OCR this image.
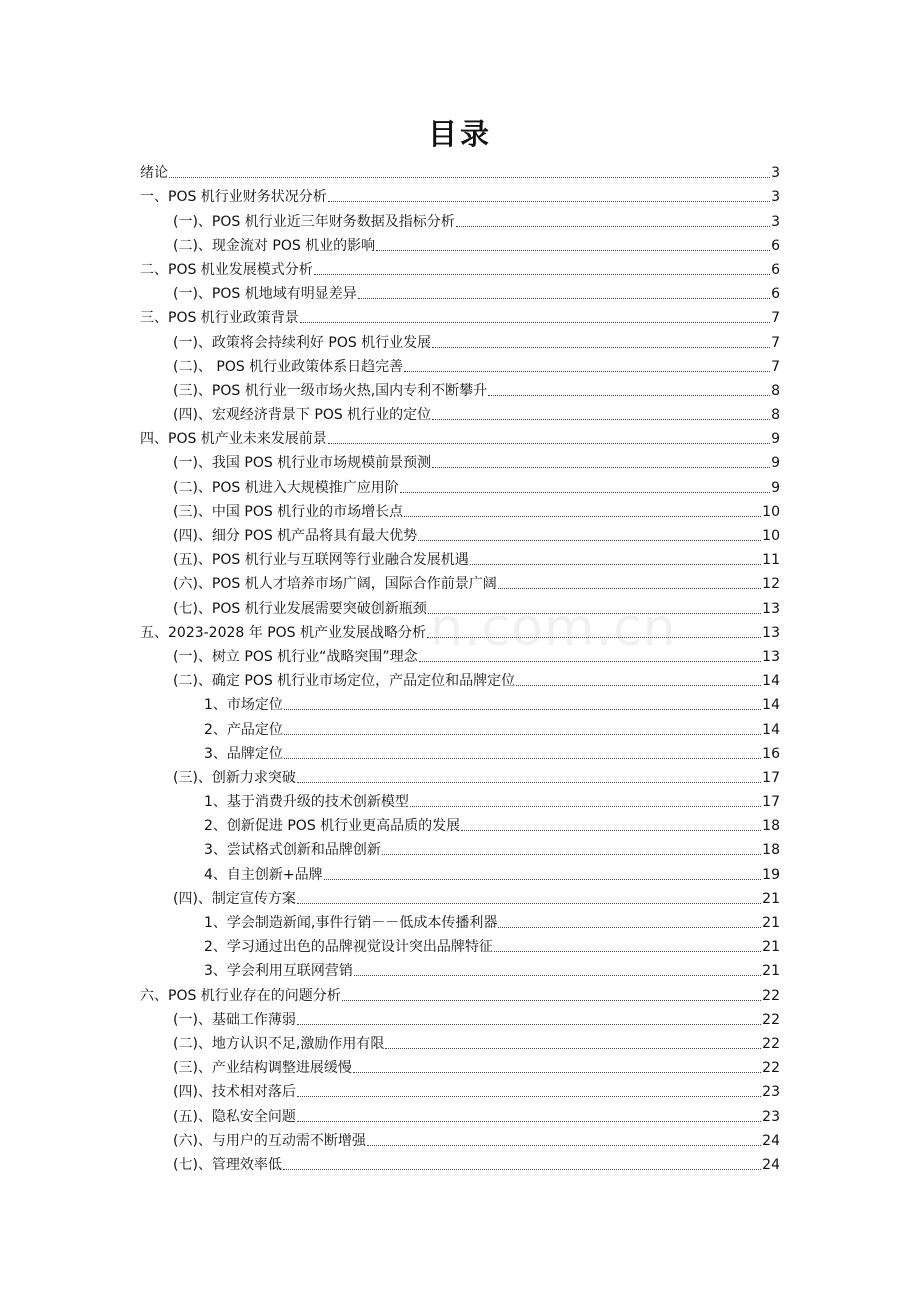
n.com.cn
目录
绪论	3
一、POS 机行业财务状况分析	3
(一)、POS 机行业近三年财务数据及指标分析	3
(二)、现金流对 POS 机业的影响	6
二、POS 机业发展模式分析	6
(一)、POS 机地域有明显差异	6
三、POS 机行业政策背景	7
(一)、政策将会持续利好 POS 机行业发展	7
(二)、 POS 机行业政策体系日趋完善	7
(三)、POS 机行业一级市场火热,国内专利不断攀升	8
(四)、宏观经济背景下 POS 机行业的定位	8
四、POS 机产业未来发展前景	9
(一)、我国 POS 机行业市场规模前景预测	9
(二)、POS 机进入大规模推广应用阶	9
(三)、中国 POS 机行业的市场增长点	10
(四)、细分 POS 机产品将具有最大优势	10
(五)、POS 机行业与互联网等行业融合发展机遇	11
(六)、POS 机人才培养市场广阔，国际合作前景广阔	12
(七)、POS 机行业发展需要突破创新瓶颈	13
五、2023-2028 年 POS 机产业发展战略分析	13
(一)、树立 POS 机行业“战略突围”理念	13
(二)、确定 POS 机行业市场定位，产品定位和品牌定位	14
1、市场定位	14
2、产品定位	14
3、品牌定位	16
(三)、创新力求突破	17
1、基于消费升级的技术创新模型	17
2、创新促进 POS 机行业更高品质的发展	18
3、尝试格式创新和品牌创新	18
4、自主创新+品牌	19
(四)、制定宣传方案	21
1、学会制造新闻,事件行销－－低成本传播利器	21
2、学习通过出色的品牌视觉设计突出品牌特征	21
3、学会利用互联网营销	21
六、POS 机行业存在的问题分析	22
(一)、基础工作薄弱	22
(二)、地方认识不足,激励作用有限	22
(三)、产业结构调整进展缓慢	22
(四)、技术相对落后	23
(五)、隐私安全问题	23
(六)、与用户的互动需不断增强	24
(七)、管理效率低	24
